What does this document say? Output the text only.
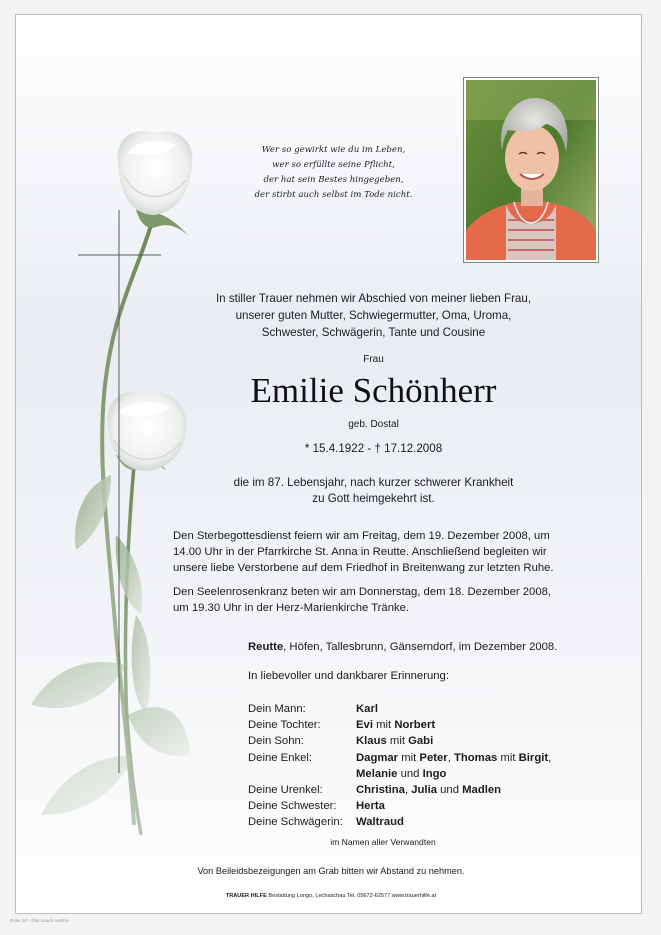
Wer so gewirkt wie du im Leben,
wer so erfüllte seine Pflicht,
der hat sein Bestes hingegeben,
der stirbt auch selbst im Tode nicht.
In stiller Trauer nehmen wir Abschied von meiner lieben Frau,
unserer guten Mutter, Schwiegermutter, Oma, Uroma,
Schwester, Schwägerin, Tante und Cousine
Frau
Emilie Schönherr
geb. Dostal
* 15.4.1922 - † 17.12.2008
die im 87. Lebensjahr, nach kurzer schwerer Krankheit
zu Gott heimgekehrt ist.
Den Sterbegottesdienst feiern wir am Freitag, dem 19. Dezember 2008, um
14.00 Uhr in der Pfarrkirche St. Anna in Reutte. Anschließend begleiten wir
unsere liebe Verstorbene auf dem Friedhof in Breitenwang zur letzten Ruhe.
Den Seelenrosenkranz beten wir am Donnerstag, dem 18. Dezember 2008,
um 19.30 Uhr in der Herz-Marienkirche Tränke.
Reutte, Höfen, Tallesbrunn, Gänserndorf, im Dezember 2008.
In liebevoller und dankbarer Erinnerung:
Dein Mann:	Karl
Deine Tochter:	Evi mit Norbert
Dein Sohn:	Klaus mit Gabi
Deine Enkel:	Dagmar mit Peter, Thomas mit Birgit,
Melanie und Ingo
Deine Urenkel:	Christina, Julia und Madlen
Deine Schwester:	Herta
Deine Schwägerin:	Waltraud
im Namen aller Verwandten
Von Beileidsbezeigungen am Grab bitten wir Abstand zu nehmen.
TRAUER HILFE Bestattung Longo, Lechaschau Tel. 05672-62577 www.trauerhilfe.at
Rose 10 - ©by Loach Austria
